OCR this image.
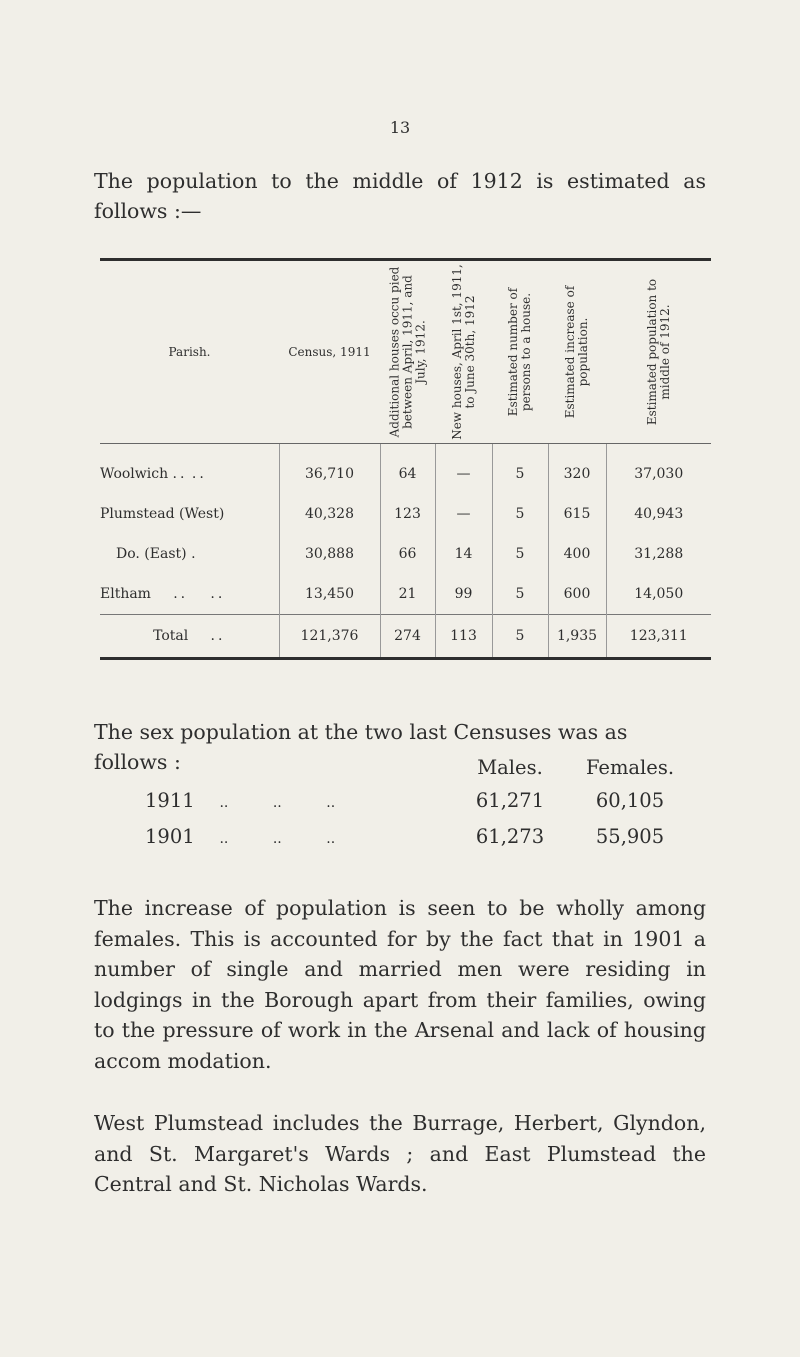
13

The population to the middle of 1912 is estimated as follows :—

Parish.	Census, 1911	Additional houses occu pied between April, 1911, and July, 1912.	New houses, April 1st, 1911, to June 30th, 1912	Estimated number of persons to a house.	Estimated increase of population.	Estimated population to middle of 1912.

Woolwich .. ..	36,710	64	—	5	320	37,030
Plumstead (West)	40,328	123	—	5	615	40,943
Do. (East) .	30,888	66	14	5	400	31,288
Eltham .. ..	13,450	21	99	5	600	14,050
Total ..	121,376	274	113	5	1,935	123,311

The sex population at the two last Censuses was as follows :

		Males.	Females.
1911 ..          ..          ..	61,271	60,105
1901 ..          ..          ..	61,273	55,905

The increase of population is seen to be wholly among females. This is accounted for by the fact that in 1901 a number of single and married men were residing in lodgings in the Borough apart from their families, owing to the pressure of work in the Arsenal and lack of housing accom modation.

West Plumstead includes the Burrage, Herbert, Glyndon, and St. Margaret's Wards ; and East Plumstead the Central and St. Nicholas Wards.
